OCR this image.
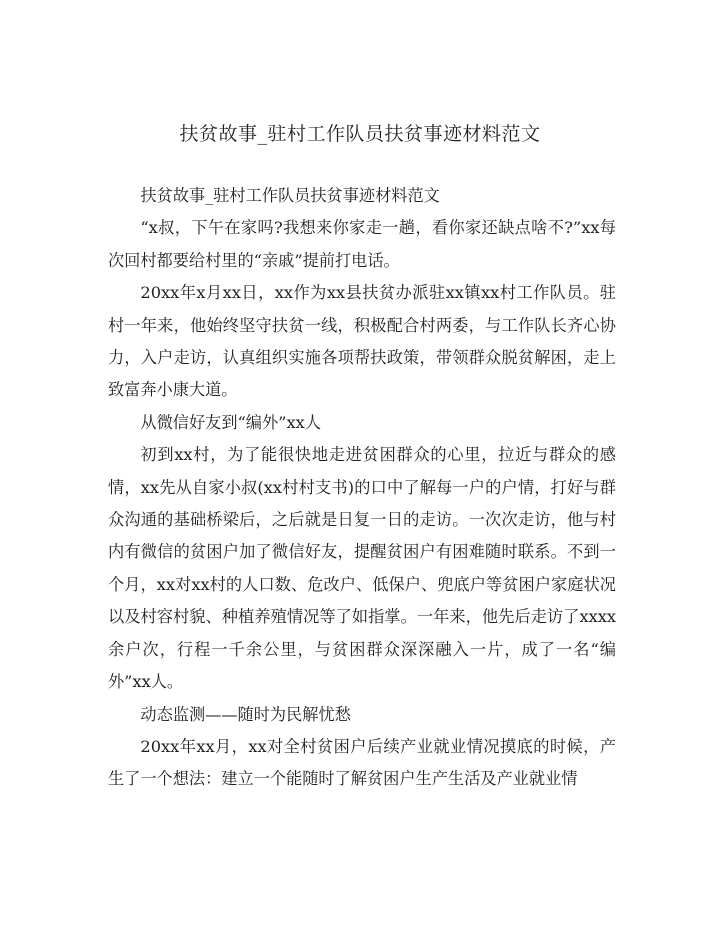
扶贫故事_驻村工作队员扶贫事迹材料范文

扶贫故事_驻村工作队员扶贫事迹材料范文

“x叔，下午在家吗?我想来你家走一趟，看你家还缺点啥不?”xx每次回村都要给村里的“亲戚”提前打电话。

20xx年x月xx日，xx作为xx县扶贫办派驻xx镇xx村工作队员。驻村一年来，他始终坚守扶贫一线，积极配合村两委，与工作队长齐心协力，入户走访，认真组织实施各项帮扶政策，带领群众脱贫解困，走上致富奔小康大道。

从微信好友到“编外”xx人

初到xx村，为了能很快地走进贫困群众的心里，拉近与群众的感情，xx先从自家小叔(xx村村支书)的口中了解每一户的户情，打好与群众沟通的基础桥梁后，之后就是日复一日的走访。一次次走访，他与村内有微信的贫困户加了微信好友，提醒贫困户有困难随时联系。不到一个月，xx对xx村的人口数、危改户、低保户、兜底户等贫困户家庭状况以及村容村貌、种植养殖情况等了如指掌。一年来，他先后走访了xxxx余户次，行程一千余公里，与贫困群众深深融入一片，成了一名“编外”xx人。

动态监测——随时为民解忧愁

20xx年xx月，xx对全村贫困户后续产业就业情况摸底的时候，产生了一个想法：建立一个能随时了解贫困户生产生活及产业就业情
